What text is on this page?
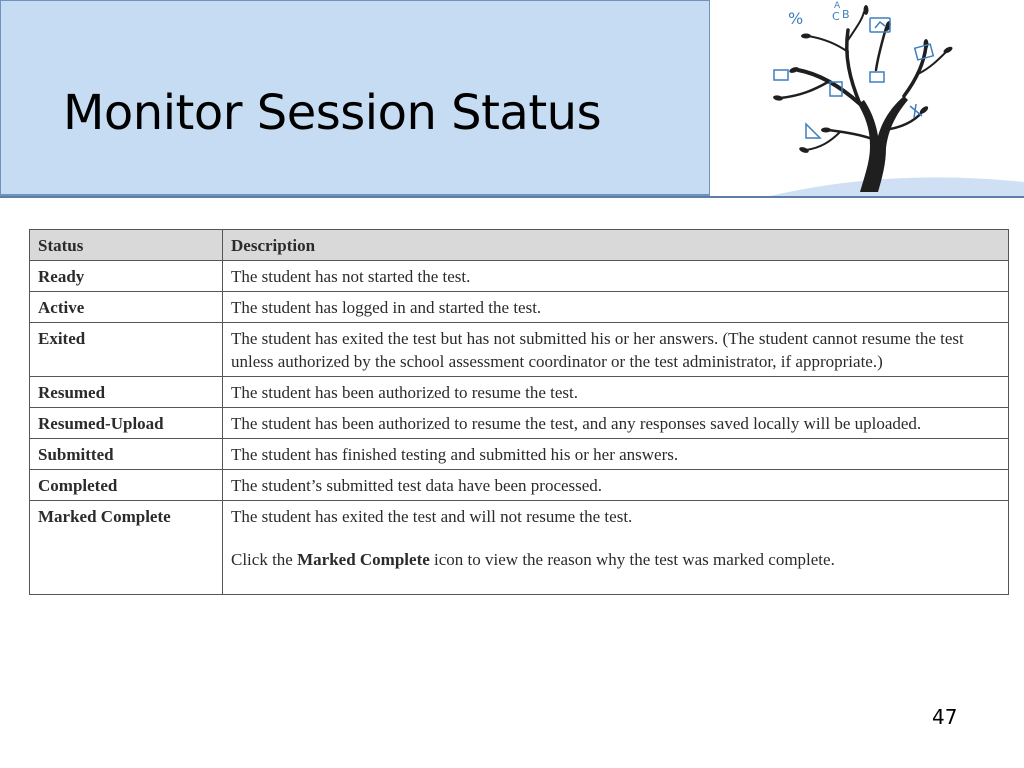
Monitor Session Status
%
A
C B
Status	Description
Ready	The student has not started the test.
Active	The student has logged in and started the test.
Exited	The student has exited the test but has not submitted his or her answers. (The student cannot resume the test unless authorized by the school assessment coordinator or the test administrator, if appropriate.)
Resumed	The student has been authorized to resume the test.
Resumed-Upload	The student has been authorized to resume the test, and any responses saved locally will be uploaded.
Submitted	The student has finished testing and submitted his or her answers.
Completed	The student’s submitted test data have been processed.
Marked Complete	The student has exited the test and will not resume the test.
Click the Marked Complete icon to view the reason why the test was marked complete.
47
